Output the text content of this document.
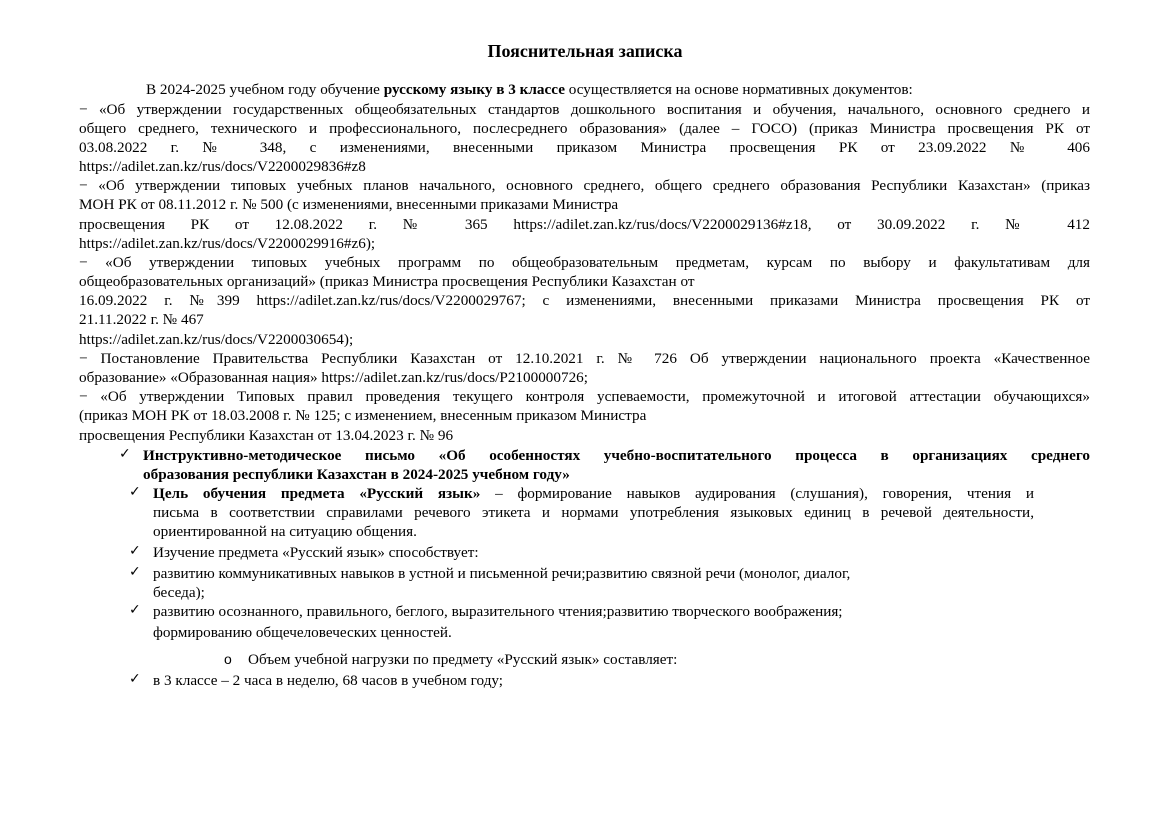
Пояснительная записка
В 2024-2025 учебном году обучение русскому языку в 3 классе осуществляется на основе нормативных документов:
− «Об утверждении государственных общеобязательных стандартов дошкольного воспитания и обучения, начального, основного среднего и
общего среднего, технического и профессионального, послесреднего образования» (далее – ГОСО) (приказ Министра просвещения РК от
03.08.2022 г. № 348, с изменениями, внесенными приказом Министра просвещения РК от 23.09.2022 № 406
https://adilet.zan.kz/rus/docs/V2200029836#z8
− «Об утверждении типовых учебных планов начального, основного среднего, общего среднего образования Республики Казахстан» (приказ
МОН РК от 08.11.2012 г. № 500 (с изменениями, внесенными приказами Министра
просвещения РК от 12.08.2022 г. № 365 https://adilet.zan.kz/rus/docs/V2200029136#z18, от 30.09.2022 г. № 412
https://adilet.zan.kz/rus/docs/V2200029916#z6);
− «Об утверждении типовых учебных программ по общеобразовательным предметам, курсам по выбору и факультативам для
общеобразовательных организаций» (приказ Министра просвещения Республики Казахстан от
16.09.2022 г. №399 https://adilet.zan.kz/rus/docs/V2200029767; с изменениями, внесенными приказами Министра просвещения РК от
21.11.2022 г. № 467
https://adilet.zan.kz/rus/docs/V2200030654);
− Постановление Правительства Республики Казахстан от 12.10.2021 г. № 726 Об утверждении национального проекта «Качественное
образование» «Образованная нация» https://adilet.zan.kz/rus/docs/P2100000726;
− «Об утверждении Типовых правил проведения текущего контроля успеваемости, промежуточной и итоговой аттестации обучающихся»
(приказ МОН РК от 18.03.2008 г. № 125; с изменением, внесенным приказом Министра
просвещения Республики Казахстан от 13.04.2023 г. № 96
✓ Инструктивно-методическое письмо «Об особенностях учебно-воспитательного процесса в организациях среднего
образования республики Казахстан в 2024-2025 учебном году»
✓ Цель обучения предмета «Русский язык» – формирование навыков аудирования (слушания), говорения, чтения и
письма в соответствии справилами речевого этикета и нормами употребления языковых единиц в речевой деятельности,
ориентированной на ситуацию общения.
✓ Изучение предмета «Русский язык» способствует:
✓ развитию коммуникативных навыков в устной и письменной речи;развитию связной речи (монолог, диалог,
беседа);
✓ развитию осознанного, правильного, беглого, выразительного чтения;развитию творческого воображения;
формированию общечеловеческих ценностей.
o Объем учебной нагрузки по предмету «Русский язык» составляет:
✓ в 3 классе – 2 часа в неделю, 68 часов в учебном году;
